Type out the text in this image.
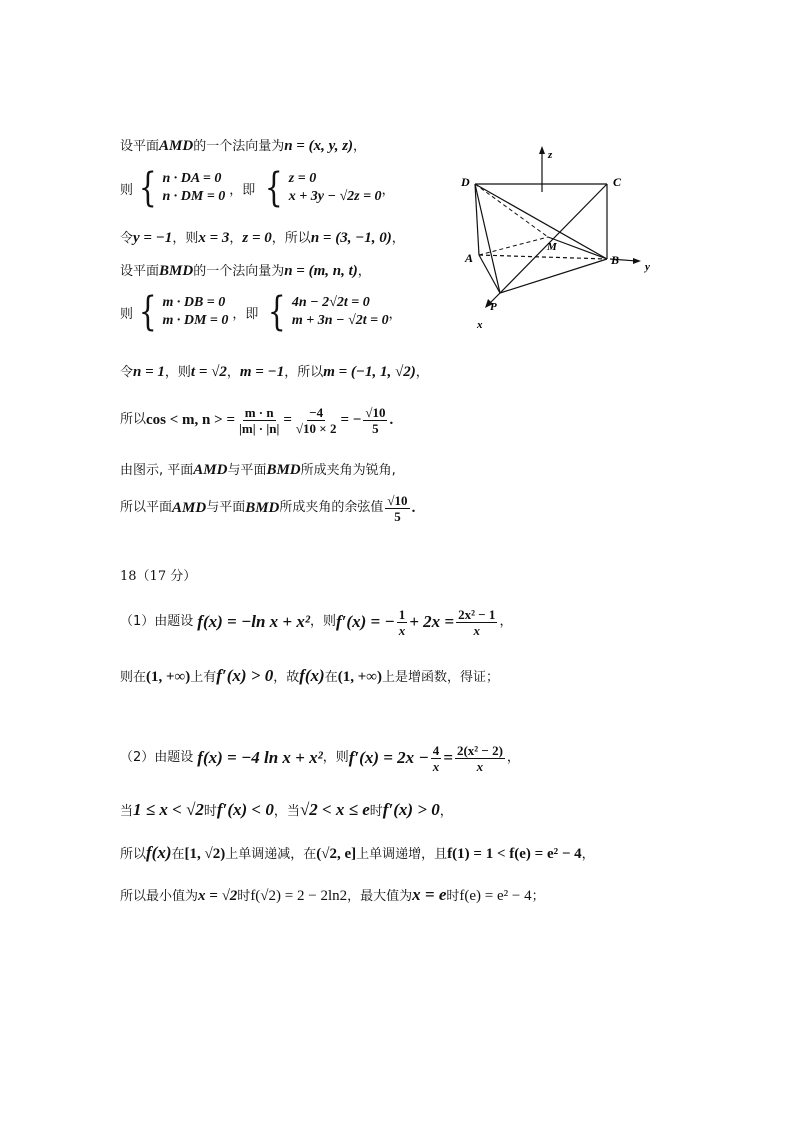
设平面AMD的一个法向量为n = (x, y, z)，
则 { n · DA = 0
n · DM = 0 ，即 { z = 0
x + 3y − √2z = 0 ，
令y = −1，则x = 3，z = 0，所以n = (3, −1, 0)，
设平面BMD的一个法向量为n = (m, n, t)，
则 { m · DB = 0
m · DM = 0 ，即 { 4n − 2√2t = 0
m + 3n − √2t = 0 ，
令n = 1，则t = √2，m = −1，所以m = (−1, 1, √2)，
所以 cos < m, n > = $\frac{m \cdot n}{|m| \cdot |n|} = \frac{-4}{√10 \times 2}$ = − $\frac{√10}{5}$ .
由图示, 平面AMD与平面BMD所成夹角为锐角,
所以平面 AMD 与平面 BMD 所成夹角的余弦值 $\frac{√10}{5}$ .
z
y
x
D	C
A	B
M
P
18（17 分）
（1）由题设 f(x) = −ln x + x² ，则 f′(x) = − $\frac{1}{x} + 2x = \frac{\text{2x² − 1}}{x}$ ，
则在(1, +∞)上有f′(x) > 0，故f(x)在(1, +∞)上是增函数，得证；
（2）由题设 f(x) = −4 ln x + x² ，则 $f'(x) = 2x - \frac{4}{x} = \frac{\text{2(x² − 2)}}{x}$ ，
当1 ≤ x < √2时f′(x) < 0，当√2 < x ≤ e时f′(x) > 0，
所以f(x)在[1, √2)上单调递减，在(√2, e]上单调递增，且f(1) = 1 < f(e) = e² − 4，
所以最小值为x = √2时f(√2) = 2 − 2ln2，最大值为x = e时f(e) = e² − 4；
